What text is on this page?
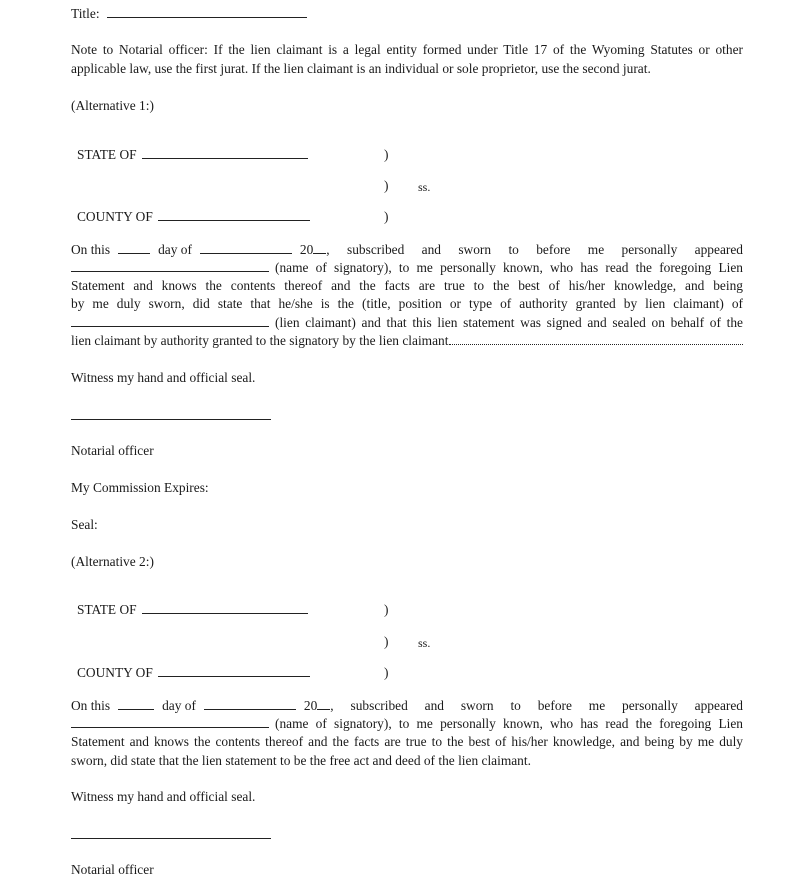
Title:
Note to Notarial officer: If the lien claimant is a legal entity formed under Title 17 of the Wyoming Statutes or other
applicable law, use the first jurat. If the lien claimant is an individual or sole proprietor, use the second jurat.
(Alternative 1:)
STATE OF	)
) ss.
COUNTY OF	)
On this	day of	20 , subscribed and sworn to before me personally appeared
(name of signatory), to me personally known, who has read the foregoing Lien
Statement and knows the contents thereof and the facts are true to the best of his/her knowledge, and being
by me duly sworn, did state that he/she is the (title, position or type of authority granted by lien claimant) of
(lien claimant) and that this lien statement was signed and sealed on behalf of the
lien claimant by authority granted to the signatory by the lien claimant
Witness my hand and official seal.
Notarial officer
My Commission Expires:
Seal:
(Alternative 2:)
STATE OF	)
) ss.
COUNTY OF	)
On this	day of	20 , subscribed and sworn to before me personally appeared
(name of signatory), to me personally known, who has read the foregoing Lien
Statement and knows the contents thereof and the facts are true to the best of his/her knowledge, and being by me duly
sworn, did state that the lien statement to be the free act and deed of the lien claimant.
Witness my hand and official seal.
Notarial officer
